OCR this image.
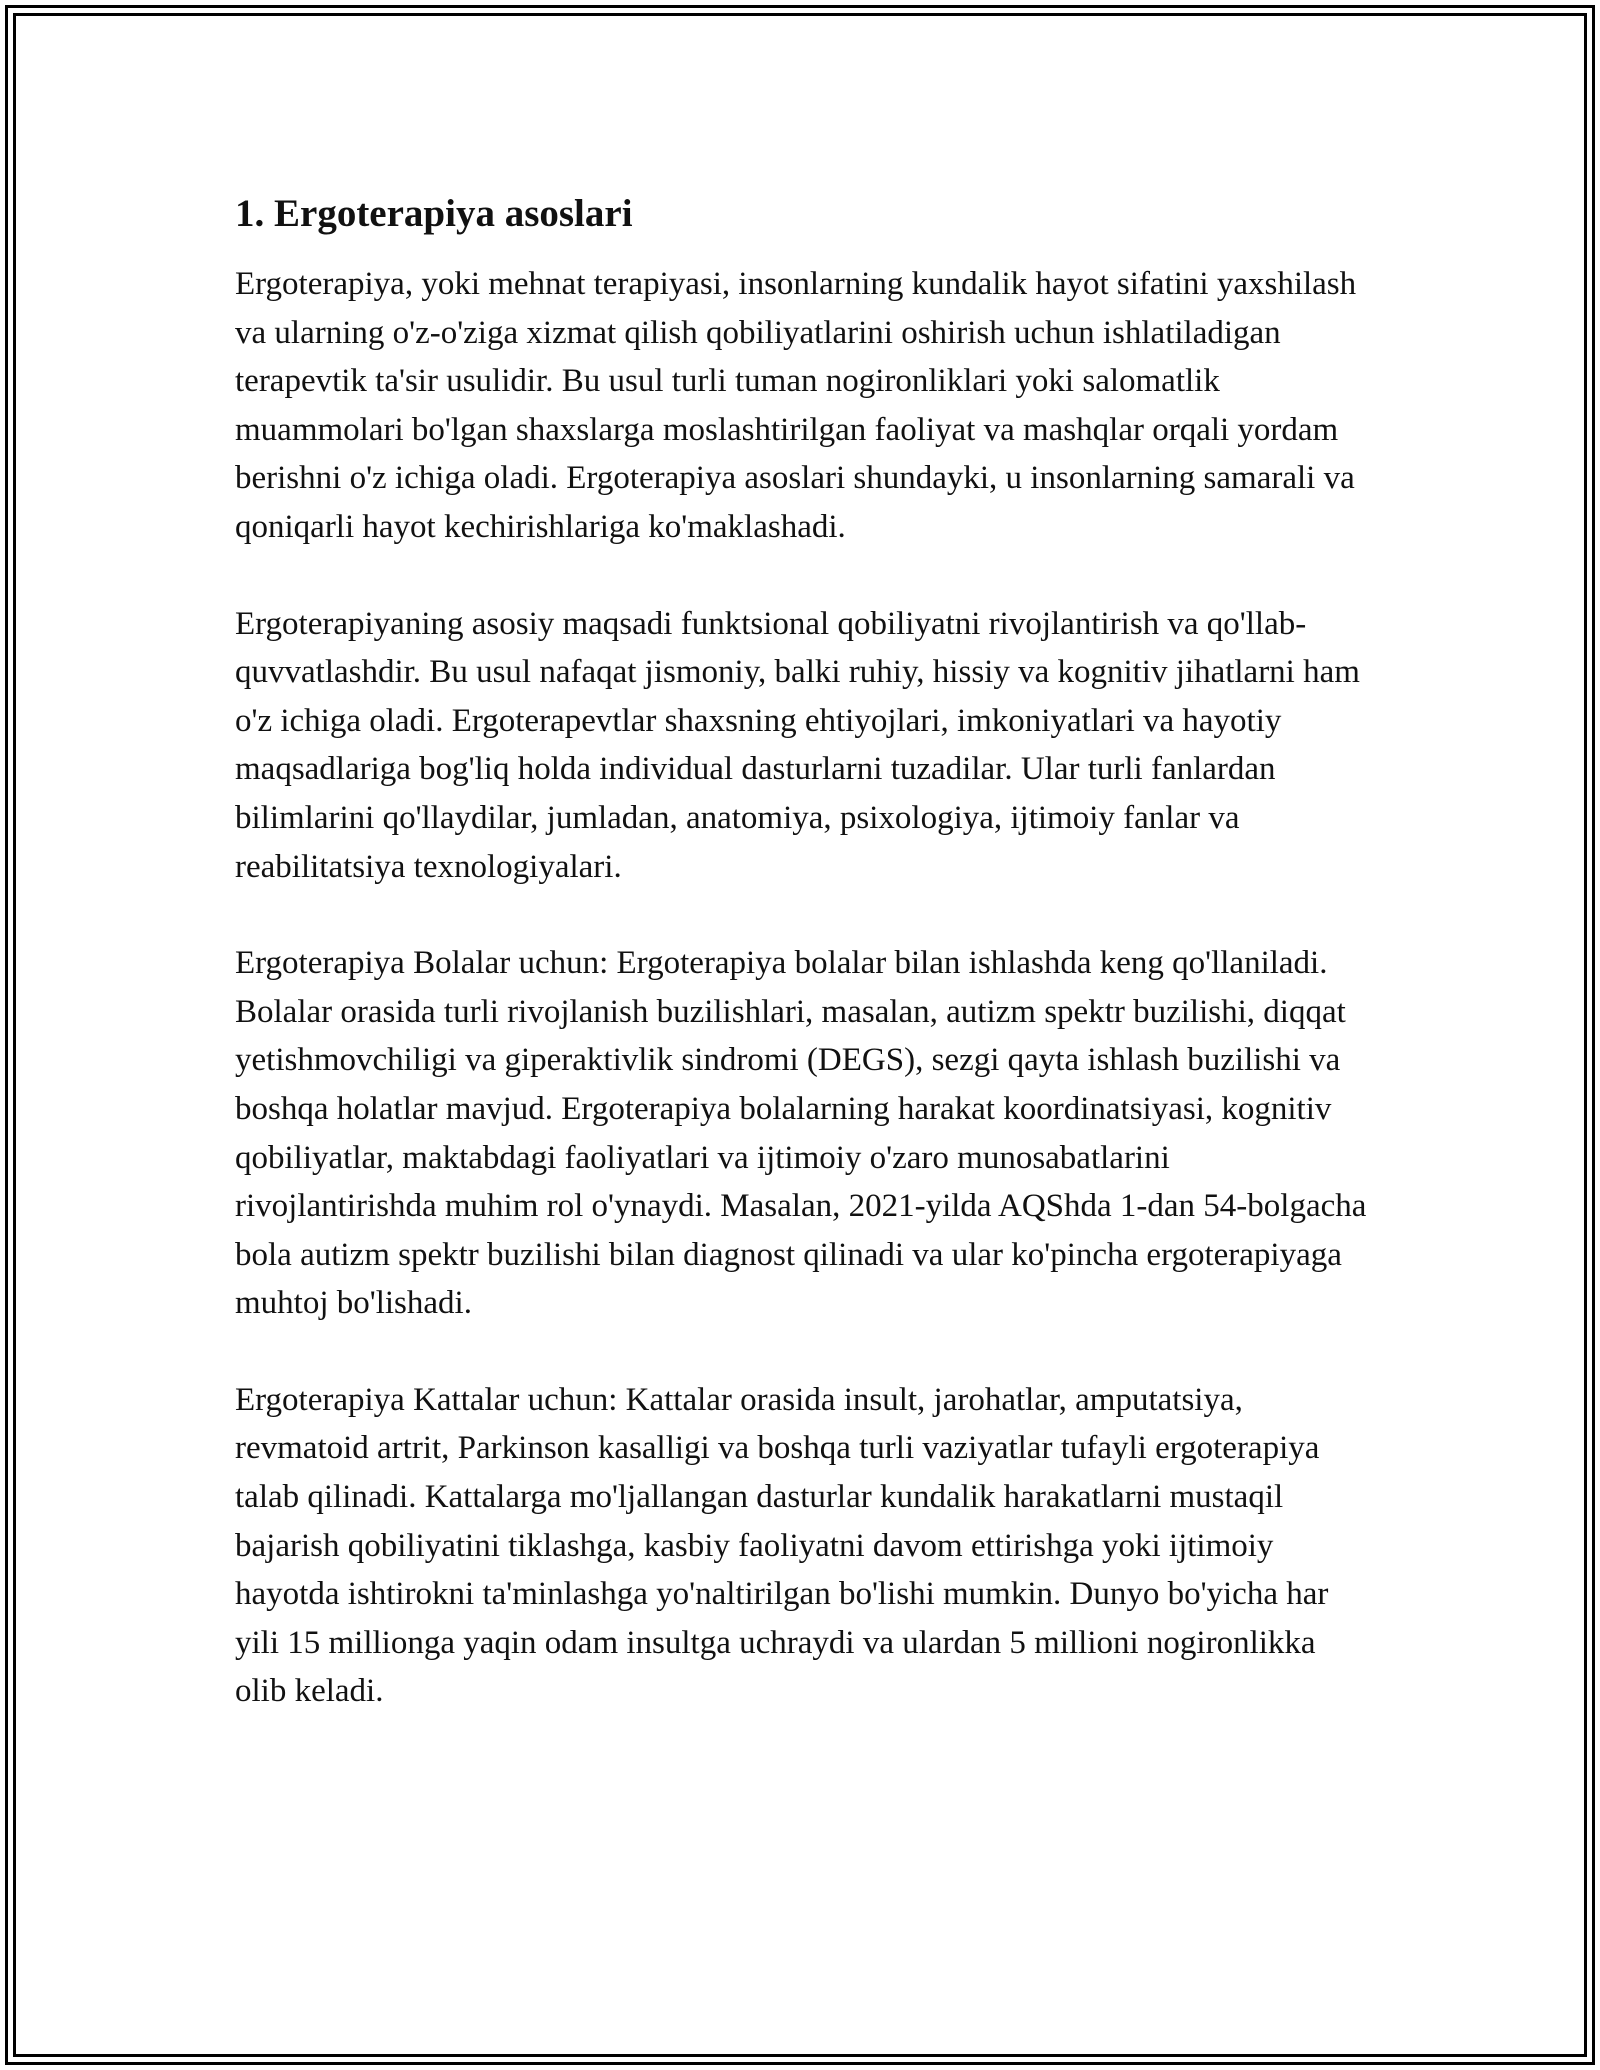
1. Ergoterapiya asoslari

Ergoterapiya, yoki mehnat terapiyasi, insonlarning kundalik hayot sifatini yaxshilash va ularning o'z-o'ziga xizmat qilish qobiliyatlarini oshirish uchun ishlatiladigan terapevtik ta'sir usulidir. Bu usul turli tuman nogironliklari yoki salomatlik muammolari bo'lgan shaxslarga moslashtirilgan faoliyat va mashqlar orqali yordam berishni o'z ichiga oladi. Ergoterapiya asoslari shundayki, u insonlarning samarali va qoniqarli hayot kechirishlariga ko'maklashadi.

Ergoterapiyaning asosiy maqsadi funktsional qobiliyatni rivojlantirish va qo'llab-quvvatlashdir. Bu usul nafaqat jismoniy, balki ruhiy, hissiy va kognitiv jihatlarni ham o'z ichiga oladi. Ergoterapevtlar shaxsning ehtiyojlari, imkoniyatlari va hayotiy maqsadlariga bog'liq holda individual dasturlarni tuzadilar. Ular turli fanlardan bilimlarini qo'llaydilar, jumladan, anatomiya, psixologiya, ijtimoiy fanlar va reabilitatsiya texnologiyalari.

Ergoterapiya Bolalar uchun: Ergoterapiya bolalar bilan ishlashda keng qo'llaniladi. Bolalar orasida turli rivojlanish buzilishlari, masalan, autizm spektr buzilishi, diqqat yetishmovchiligi va giperaktivlik sindromi (DEGS), sezgi qayta ishlash buzilishi va boshqa holatlar mavjud. Ergoterapiya bolalarning harakat koordinatsiyasi, kognitiv qobiliyatlar, maktabdagi faoliyatlari va ijtimoiy o'zaro munosabatlarini rivojlantirishda muhim rol o'ynaydi. Masalan, 2021-yilda AQShda 1-dan 54-bolgacha bola autizm spektr buzilishi bilan diagnost qilinadi va ular ko'pincha ergoterapiyaga muhtoj bo'lishadi.

Ergoterapiya Kattalar uchun: Kattalar orasida insult, jarohatlar, amputatsiya, revmatoid artrit, Parkinson kasalligi va boshqa turli vaziyatlar tufayli ergoterapiya talab qilinadi. Kattalarga mo'ljallangan dasturlar kundalik harakatlarni mustaqil bajarish qobiliyatini tiklashga, kasbiy faoliyatni davom ettirishga yoki ijtimoiy hayotda ishtirokni ta'minlashga yo'naltirilgan bo'lishi mumkin. Dunyo bo'yicha har yili 15 millionga yaqin odam insultga uchraydi va ulardan 5 millioni nogironlikka olib keladi.
